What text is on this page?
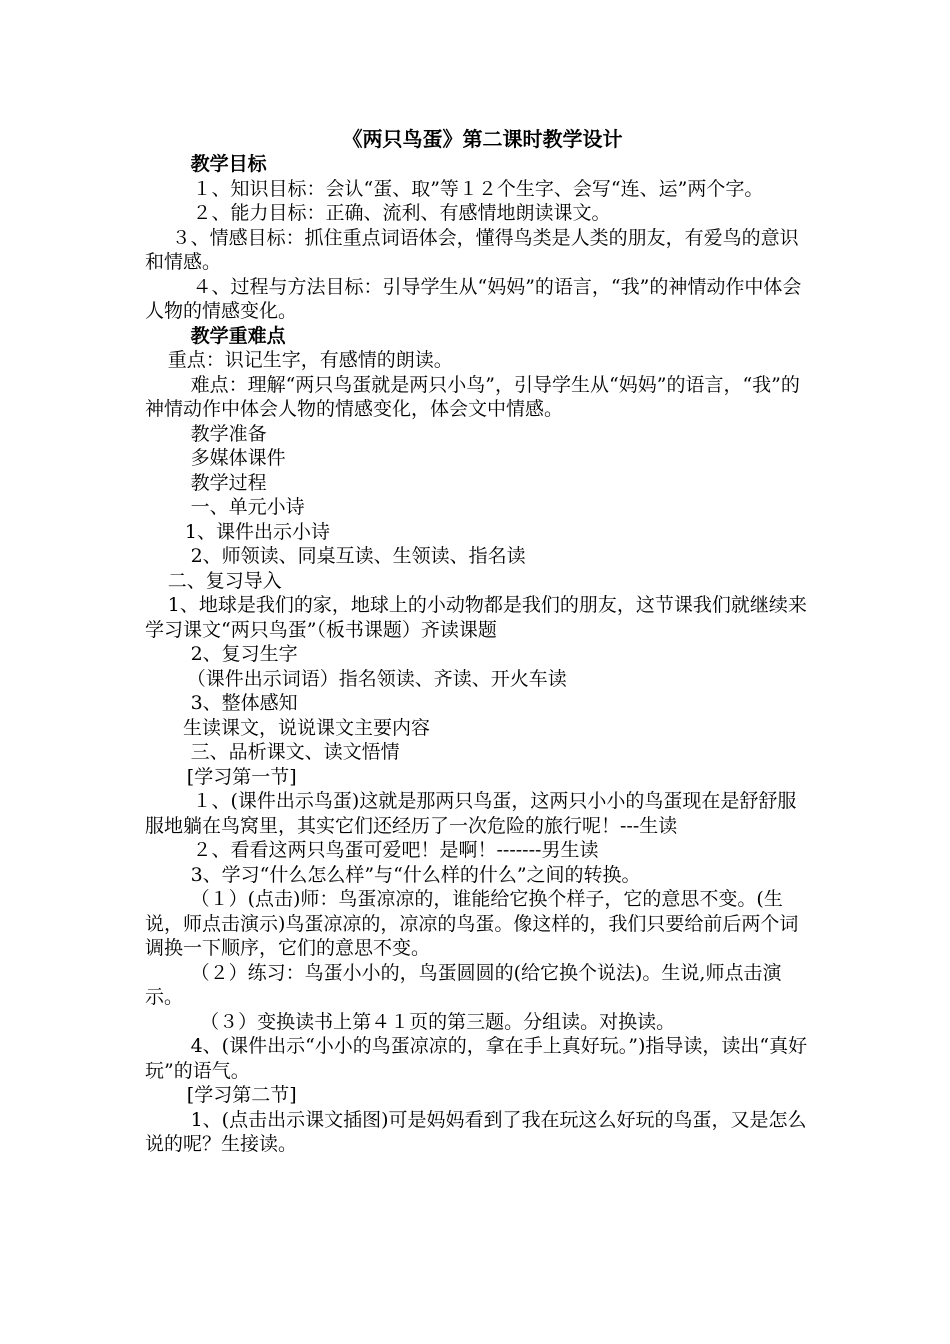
《两只鸟蛋》第二课时教学设计

教学目标

１、知识目标：会认“蛋、取”等１２个生字、会写“连、运”两个字。

２、能力目标：正确、流利、有感情地朗读课文。

３、情感目标：抓住重点词语体会，懂得鸟类是人类的朋友，有爱鸟的意识和情感。

４、过程与方法目标：引导学生从“妈妈”的语言，“我”的神情动作中体会人物的情感变化。

教学重难点

重点：识记生字，有感情的朗读。

难点：理解“两只鸟蛋就是两只小鸟”，引导学生从“妈妈”的语言，“我”的神情动作中体会人物的情感变化，体会文中情感。

教学准备

多媒体课件

教学过程

一、单元小诗

1、课件出示小诗

2、师领读、同桌互读、生领读、指名读

二、复习导入

1、地球是我们的家，地球上的小动物都是我们的朋友，这节课我们就继续来学习课文“两只鸟蛋”（板书课题）齐读课题

2、复习生字

（课件出示词语）指名领读、齐读、开火车读

3、整体感知

生读课文，说说课文主要内容

三、品析课文、读文悟情

[学习第一节]

１、(课件出示鸟蛋)这就是那两只鸟蛋，这两只小小的鸟蛋现在是舒舒服服地躺在鸟窝里，其实它们还经历了一次危险的旅行呢！---生读

２、看看这两只鸟蛋可爱吧！是啊！-------男生读

3、学习“什么怎么样”与“什么样的什么”之间的转换。

（１）(点击)师：鸟蛋凉凉的，谁能给它换个样子，它的意思不变。(生说，师点击演示)鸟蛋凉凉的，凉凉的鸟蛋。像这样的，我们只要给前后两个词调换一下顺序，它们的意思不变。

（２）练习：鸟蛋小小的，鸟蛋圆圆的(给它换个说法)。生说,师点击演示。

（３）变换读书上第４１页的第三题。分组读。对换读。

4、(课件出示“小小的鸟蛋凉凉的，拿在手上真好玩。”)指导读，读出“真好玩”的语气。

[学习第二节]

1、(点击出示课文插图)可是妈妈看到了我在玩这么好玩的鸟蛋，又是怎么说的呢？生接读。
